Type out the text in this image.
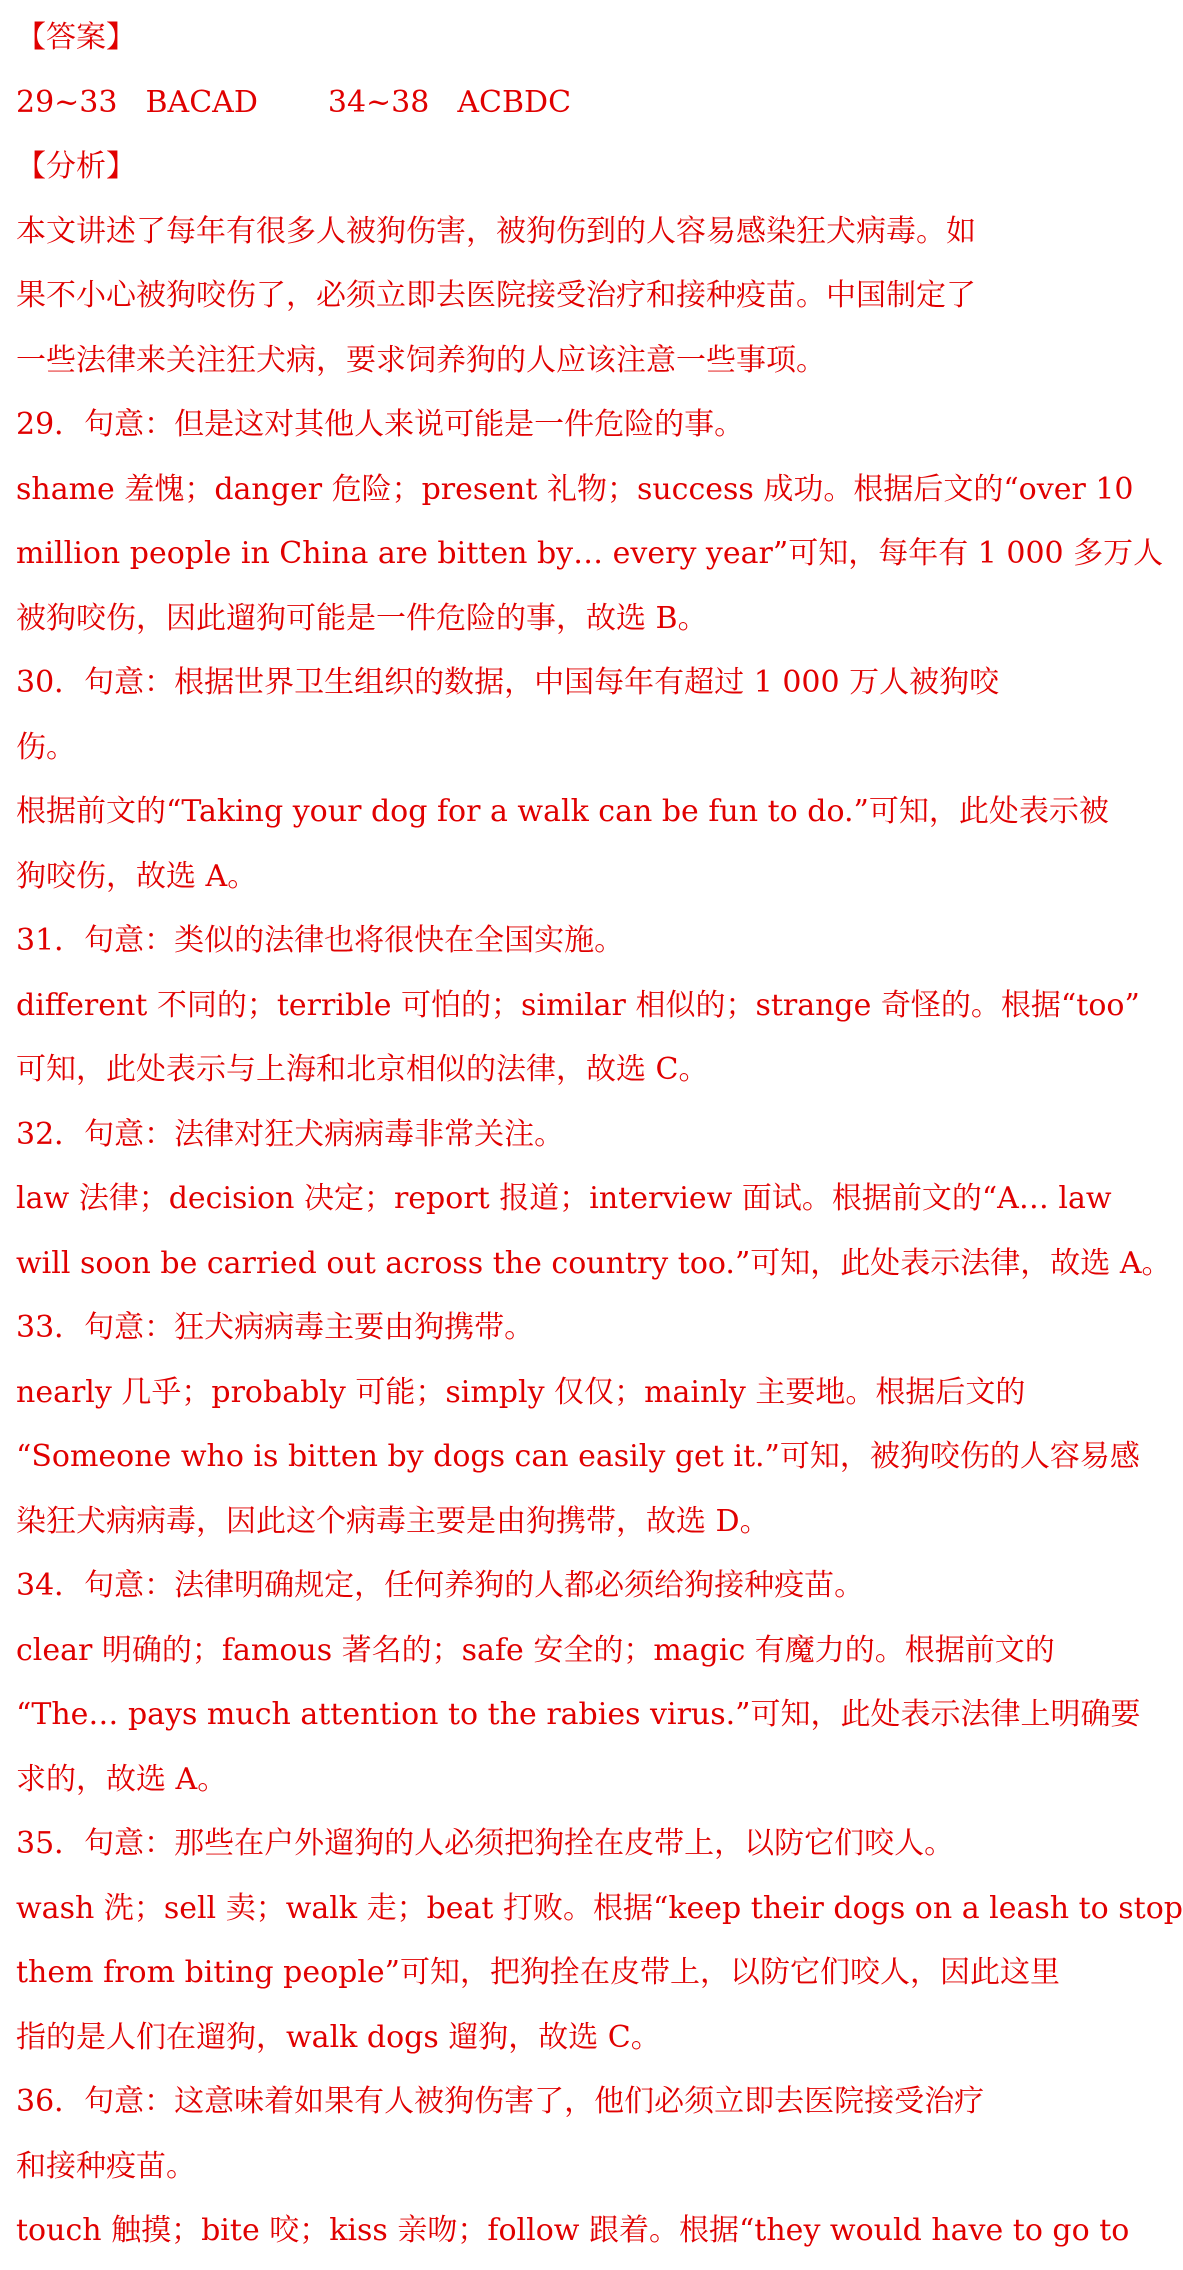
【答案】
29~33 BACAD 34~38 ACBDC
【分析】
本文讲述了每年有很多人被狗伤害，被狗伤到的人容易感染狂犬病毒。如
果不小心被狗咬伤了，必须立即去医院接受治疗和接种疫苗。中国制定了
一些法律来关注狂犬病，要求饲养狗的人应该注意一些事项。
29．句意：但是这对其他人来说可能是一件危险的事。
shame 羞愧；danger 危险；present 礼物；success 成功。根据后文的“over 10
million people in China are bitten by… every year”可知，每年有 1 000 多万人
被狗咬伤，因此遛狗可能是一件危险的事，故选 B。
30．句意：根据世界卫生组织的数据，中国每年有超过 1 000 万人被狗咬
伤。
根据前文的“Taking your dog for a walk can be fun to do.”可知，此处表示被
狗咬伤，故选 A。
31．句意：类似的法律也将很快在全国实施。
different 不同的；terrible 可怕的；similar 相似的；strange 奇怪的。根据“too”
可知，此处表示与上海和北京相似的法律，故选 C。
32．句意：法律对狂犬病病毒非常关注。
law 法律；decision 决定；report 报道；interview 面试。根据前文的“A… law
will soon be carried out across the country too.”可知，此处表示法律，故选 A。
33．句意：狂犬病病毒主要由狗携带。
nearly 几乎；probably 可能；simply 仅仅；mainly 主要地。根据后文的
“Someone who is bitten by dogs can easily get it.”可知，被狗咬伤的人容易感
染狂犬病病毒，因此这个病毒主要是由狗携带，故选 D。
34．句意：法律明确规定，任何养狗的人都必须给狗接种疫苗。
clear 明确的；famous 著名的；safe 安全的；magic 有魔力的。根据前文的
“The… pays much attention to the rabies virus.”可知，此处表示法律上明确要
求的，故选 A。
35．句意：那些在户外遛狗的人必须把狗拴在皮带上，以防它们咬人。
wash 洗；sell 卖；walk 走；beat 打败。根据“keep their dogs on a leash to stop
them from biting people”可知，把狗拴在皮带上，以防它们咬人，因此这里
指的是人们在遛狗，walk dogs 遛狗，故选 C。
36．句意：这意味着如果有人被狗伤害了，他们必须立即去医院接受治疗
和接种疫苗。
touch 触摸；bite 咬；kiss 亲吻；follow 跟着。根据“they would have to go to
